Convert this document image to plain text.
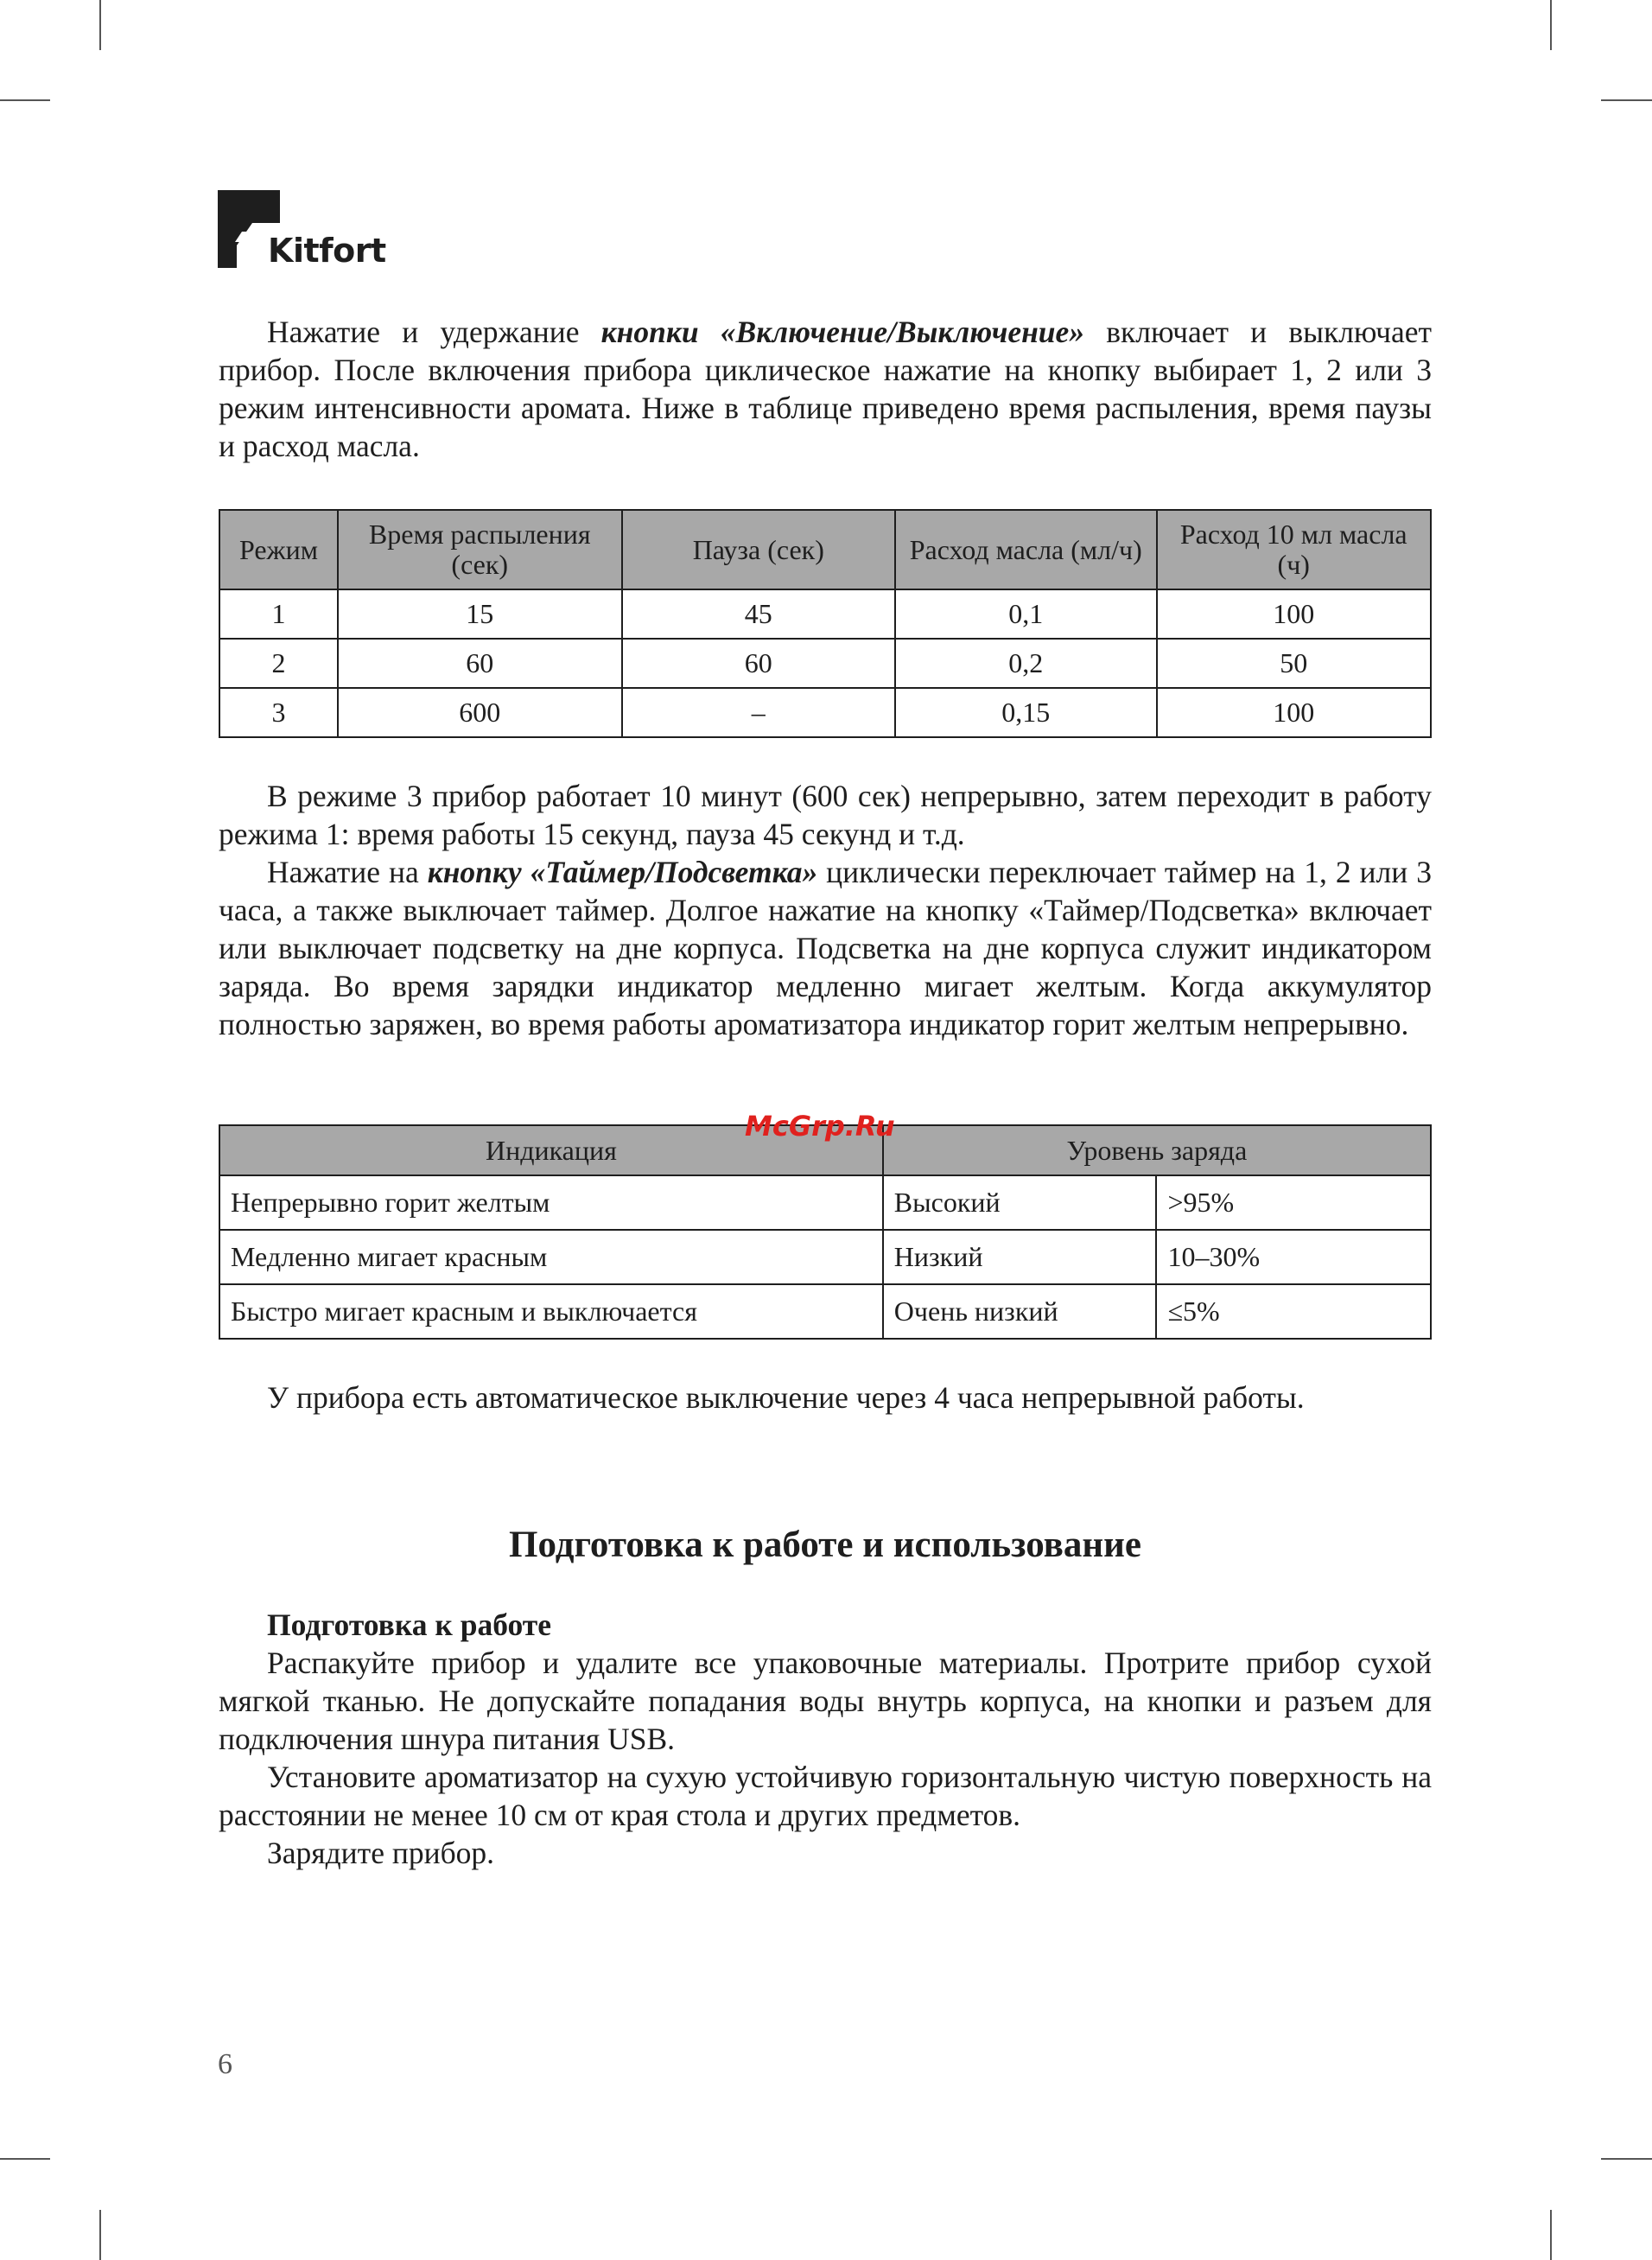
Kitfort

Нажатие и удержание кнопки «Включение/Выключение» включает и выключает прибор. После включения прибора циклическое нажатие на кнопку выбирает 1, 2 или 3 режим интенсивности аромата. Ниже в таблице приведено время распыления, время паузы и расход масла.

Режим	Время распыления (сек)	Пауза (сек)	Расход масла (мл/ч)	Расход 10 мл масла (ч)
1	15	45	0,1	100
2	60	60	0,2	50
3	600	–	0,15	100

В режиме 3 прибор работает 10 минут (600 сек) непрерывно, затем переходит в работу режима 1: время работы 15 секунд, пауза 45 секунд и т.д.

Нажатие на кнопку «Таймер/Подсветка» циклически переключает таймер на 1, 2 или 3 часа, а также выключает таймер. Долгое нажатие на кнопку «Таймер/Подсветка» включает или выключает подсветку на дне корпуса. Подсветка на дне корпуса служит индикатором заряда. Во время зарядки индикатор медленно мигает желтым. Когда аккумулятор полностью заряжен, во время работы ароматизатора индикатор горит желтым непрерывно.

Индикация	Уровень заряда	
Непрерывно горит желтым	Высокий	>95%
Медленно мигает красным	Низкий	10–30%
Быстро мигает красным и выключается	Очень низкий	≤5%
McGrp.Ru

У прибора есть автоматическое выключение через 4 часа непрерывной работы.

Подготовка к работе и использование

Подготовка к работе

Распакуйте прибор и удалите все упаковочные материалы. Протрите прибор сухой мягкой тканью. Не допускайте попадания воды внутрь корпуса, на кнопки и разъем для подключения шнура питания USB.

Установите ароматизатор на сухую устойчивую горизонтальную чистую поверхность на расстоянии не менее 10 см от края стола и других предметов.

Зарядите прибор.

6
